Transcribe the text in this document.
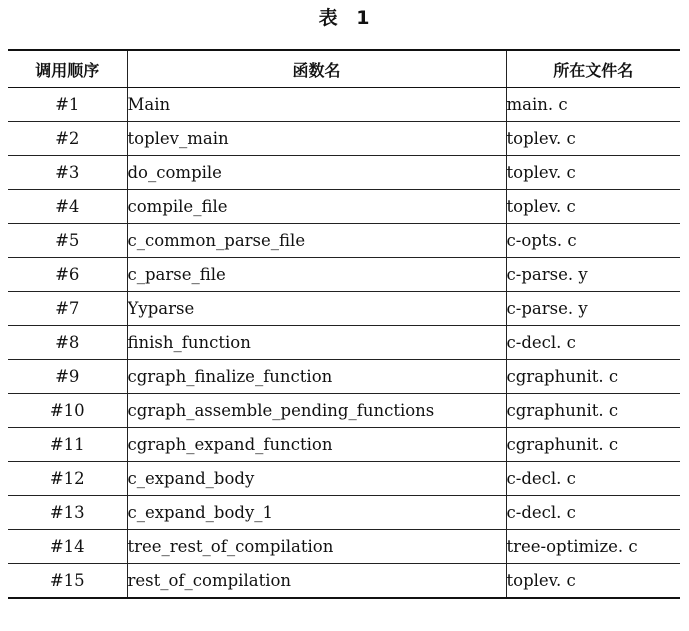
表 1
调用顺序	函数名	所在文件名
#1	Main	main. c
#2	toplev_main	toplev. c
#3	do_compile	toplev. c
#4	compile_file	toplev. c
#5	c_common_parse_file	c-opts. c
#6	c_parse_file	c-parse. y
#7	Yyparse	c-parse. y
#8	finish_function	c-decl. c
#9	cgraph_finalize_function	cgraphunit. c
#10	cgraph_assemble_pending_functions	cgraphunit. c
#11	cgraph_expand_function	cgraphunit. c
#12	c_expand_body	c-decl. c
#13	c_expand_body_1	c-decl. c
#14	tree_rest_of_compilation	tree-optimize. c
#15	rest_of_compilation	toplev. c
